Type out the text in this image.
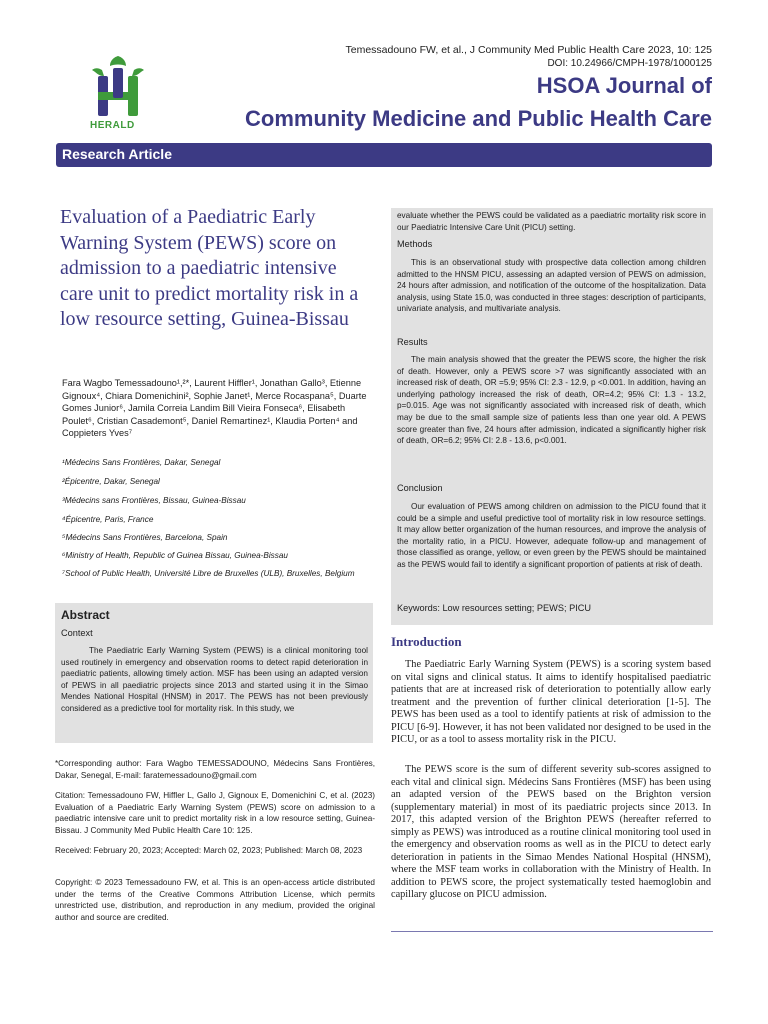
Temessadouno FW, et al., J Community Med Public Health Care 2023, 10: 125
DOI: 10.24966/CMPH-1978/1000125
HERALD
HSOA Journal of
Community Medicine and Public Health Care
Research Article
Evaluation of a Paediatric Early Warning System (PEWS) score on admission to a paediatric intensive care unit to predict mortality risk in a low resource setting, Guinea-Bissau
Fara Wagbo Temessadouno¹,²*, Laurent Hiffler¹, Jonathan Gallo³, Etienne Gignoux⁴, Chiara Domenichini², Sophie Janet¹, Merce Rocaspana⁵, Duarte Gomes Junior⁶, Jamila Correia Landim Bill Vieira Fonseca⁶, Elisabeth Poulet⁶, Cristian Casademont⁵, Daniel Remartinez¹, Klaudia Porten⁴ and Coppieters Yves⁷
¹Médecins Sans Frontières, Dakar, Senegal
²Épicentre, Dakar, Senegal
³Médecins sans Frontières, Bissau, Guinea-Bissau
⁴Épicentre, Paris, France
⁵Médecins Sans Frontières, Barcelona, Spain
⁶Ministry of Health, Republic of Guinea Bissau, Guinea-Bissau
⁷School of Public Health, Université Libre de Bruxelles (ULB), Bruxelles, Belgium
Abstract
Context
The Paediatric Early Warning System (PEWS) is a clinical monitoring tool used routinely in emergency and observation rooms to detect rapid deterioration in paediatric patients, allowing timely action. MSF has been using an adapted version of PEWS in all paediatric projects since 2013 and started using it in the Simao Mendes National Hospital (HNSM) in 2017. The PEWS has not been previously considered as a predictive tool for mortality risk. In this study, we
*Corresponding author: Fara Wagbo TEMESSADOUNO, Médecins Sans Frontières, Dakar, Senegal, E-mail: faratemessadouno@gmail.com
Citation: Temessadouno FW, Hiffler L, Gallo J, Gignoux E, Domenichini C, et al. (2023) Evaluation of a Paediatric Early Warning System (PEWS) score on admission to a paediatric intensive care unit to predict mortality risk in a low resource setting, Guinea-Bissau. J Community Med Public Health Care 10: 125.
Received: February 20, 2023; Accepted: March 02, 2023; Published: March 08, 2023
Copyright: © 2023 Temessadouno FW, et al. This is an open-access article distributed under the terms of the Creative Commons Attribution License, which permits unrestricted use, distribution, and reproduction in any medium, provided the original author and source are credited.
evaluate whether the PEWS could be validated as a paediatric mortality risk score in our Paediatric Intensive Care Unit (PICU) setting.
Methods
This is an observational study with prospective data collection among children admitted to the HNSM PICU, assessing an adapted version of PEWS on admission, 24 hours after admission, and notification of the outcome of the hospitalization. Data analysis, using State 15.0, was conducted in three stages: description of participants, univariate analysis, and multivariate analysis.
Results
The main analysis showed that the greater the PEWS score, the higher the risk of death. However, only a PEWS score >7 was significantly associated with an increased risk of death, OR =5.9; 95% CI: 2.3 - 12.9, p <0.001. In addition, having an underlying pathology increased the risk of death, OR=4.2; 95% CI: 1.3 - 13.2, p=0.015. Age was not significantly associated with increased risk of death, which may be due to the small sample size of patients less than one year old. A PEWS score greater than five, 24 hours after admission, indicated a significantly higher risk of death, OR=6.2; 95% CI: 2.8 - 13.6, p<0.001.
Conclusion
Our evaluation of PEWS among children on admission to the PICU found that it could be a simple and useful predictive tool of mortality risk in low resource settings. It may allow better organization of the human resources, and improve the analysis of the mortality ratio, in a PICU. However, adequate follow-up and management of those classified as orange, yellow, or even green by the PEWS should be maintained as the PEWS would fail to identify a significant proportion of patients at risk of death.
Keywords: Low resources setting; PEWS; PICU
Introduction
The Paediatric Early Warning System (PEWS) is a scoring system based on vital signs and clinical status. It aims to identify hospitalised paediatric patients that are at increased risk of deterioration to potentially allow early treatment and the prevention of further clinical deterioration [1-5]. The PEWS has been used as a tool to identify patients at risk of admission to the PICU [6-9]. However, it has not been validated nor designed to be used in the PICU, or as a tool to assess mortality risk in the PICU.
The PEWS score is the sum of different severity sub-scores assigned to each vital and clinical sign. Médecins Sans Frontières (MSF) has been using an adapted version of the PEWS based on the Brighton version (supplementary material) in most of its paediatric projects since 2013. In 2017, this adapted version of the Brighton PEWS (hereafter referred to simply as PEWS) was introduced as a routine clinical monitoring tool used in the emergency and observation rooms as well as in the PICU to detect early deterioration in patients in the Simao Mendes National Hospital (HNSM), where the MSF team works in collaboration with the Ministry of Health. In addition to PEWS score, the project systematically tested haemoglobin and capillary glucose on PICU admission.
